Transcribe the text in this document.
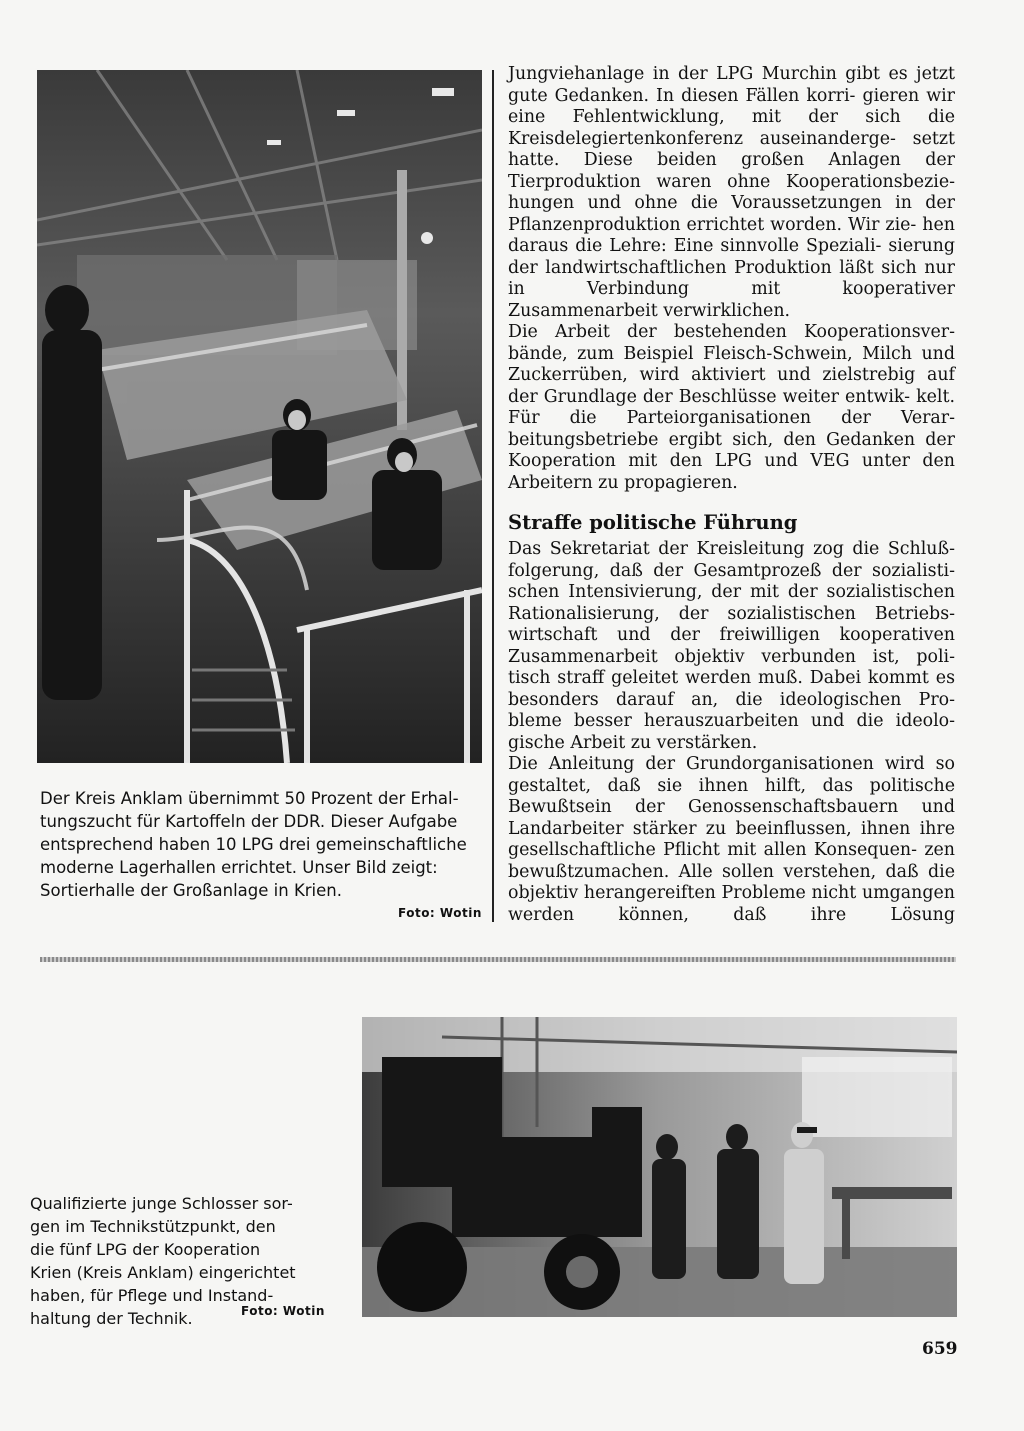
Der Kreis Anklam übernimmt 50 Prozent der Erhal-
tungszucht für Kartoffeln der DDR. Dieser Aufgabe
entsprechend haben 10 LPG drei gemeinschaftliche
moderne Lagerhallen errichtet. Unser Bild zeigt:
Sortierhalle der Großanlage in Krien.

Foto: Wotin

Jungviehanlage in der LPG Murchin gibt es jetzt gute Gedanken. In diesen Fällen korri- gieren wir eine Fehlentwicklung, mit der sich die Kreisdelegiertenkonferenz auseinanderge- setzt hatte. Diese beiden großen Anlagen der Tierproduktion waren ohne Kooperationsbezie- hungen und ohne die Voraussetzungen in der Pflanzenproduktion errichtet worden. Wir zie- hen daraus die Lehre: Eine sinnvolle Speziali- sierung der landwirtschaftlichen Produktion läßt sich nur in Verbindung mit kooperativer

Zusammenarbeit verwirklichen.

Die Arbeit der bestehenden Kooperationsver- bände, zum Beispiel Fleisch-Schwein, Milch und Zuckerrüben, wird aktiviert und zielstrebig auf der Grundlage der Beschlüsse weiter entwik- kelt. Für die Parteiorganisationen der Verar- beitungsbetriebe ergibt sich, den Gedanken der Kooperation mit den LPG und VEG unter den

Arbeitern zu propagieren.

Straffe politische Führung

Das Sekretariat der Kreisleitung zog die Schluß- folgerung, daß der Gesamtprozeß der sozialisti- schen Intensivierung, der mit der sozialistischen Rationalisierung, der sozialistischen Betriebs- wirtschaft und der freiwilligen kooperativen Zusammenarbeit objektiv verbunden ist, poli- tisch straff geleitet werden muß. Dabei kommt es besonders darauf an, die ideologischen Pro- bleme besser herauszuarbeiten und die ideolo-

gische Arbeit zu verstärken.

Die Anleitung der Grundorganisationen wird so gestaltet, daß sie ihnen hilft, das politische Bewußtsein der Genossenschaftsbauern und Landarbeiter stärker zu beeinflussen, ihnen ihre gesellschaftliche Pflicht mit allen Konsequen- zen bewußtzumachen. Alle sollen verstehen, daß die objektiv herangereiften Probleme nicht umgangen werden können, daß ihre Lösung

Qualifizierte junge Schlosser sor-
gen im Technikstützpunkt, den
die fünf LPG der Kooperation
Krien (Kreis Anklam) eingerichtet
haben, für Pflege und Instand-
haltung der Technik.	Foto: Wotin

659
